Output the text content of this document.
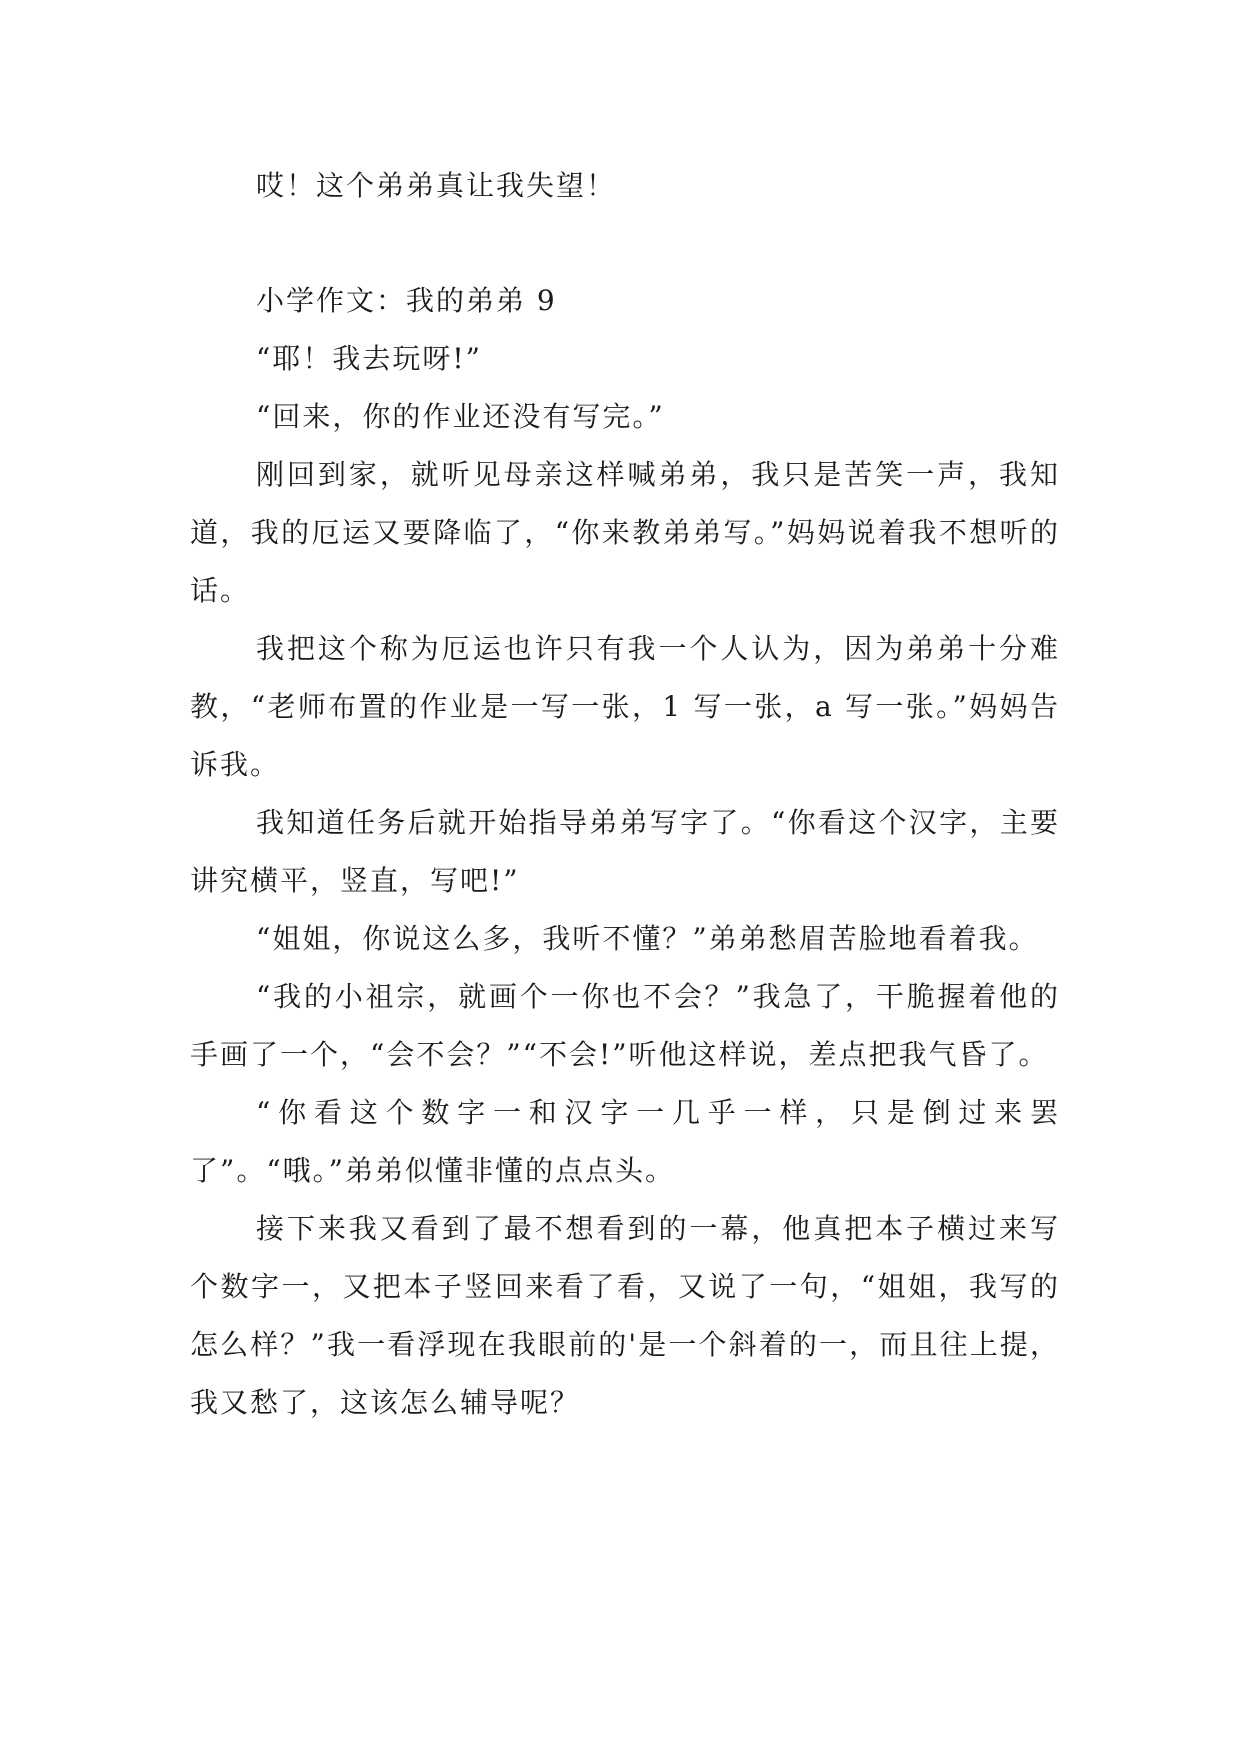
哎！这个弟弟真让我失望！

小学作文：我的弟弟 9

“耶！我去玩呀!”

“回来，你的作业还没有写完。”

刚回到家，就听见母亲这样喊弟弟，我只是苦笑一声，我知道，我的厄运又要降临了，“你来教弟弟写。”妈妈说着我不想听的话。

我把这个称为厄运也许只有我一个人认为，因为弟弟十分难教，“老师布置的作业是一写一张，1 写一张，a 写一张。”妈妈告诉我。

我知道任务后就开始指导弟弟写字了。“你看这个汉字，主要讲究横平，竖直，写吧!”

“姐姐，你说这么多，我听不懂？”弟弟愁眉苦脸地看着我。

“我的小祖宗，就画个一你也不会？”我急了，干脆握着他的手画了一个，“会不会？”“不会!”听他这样说，差点把我气昏了。

“你看这个数字一和汉字一几乎一样，只是倒过来罢了”。“哦。”弟弟似懂非懂的点点头。

接下来我又看到了最不想看到的一幕，他真把本子横过来写个数字一，又把本子竖回来看了看，又说了一句，“姐姐，我写的怎么样？”我一看浮现在我眼前的'是一个斜着的一，而且往上提，我又愁了，这该怎么辅导呢？
